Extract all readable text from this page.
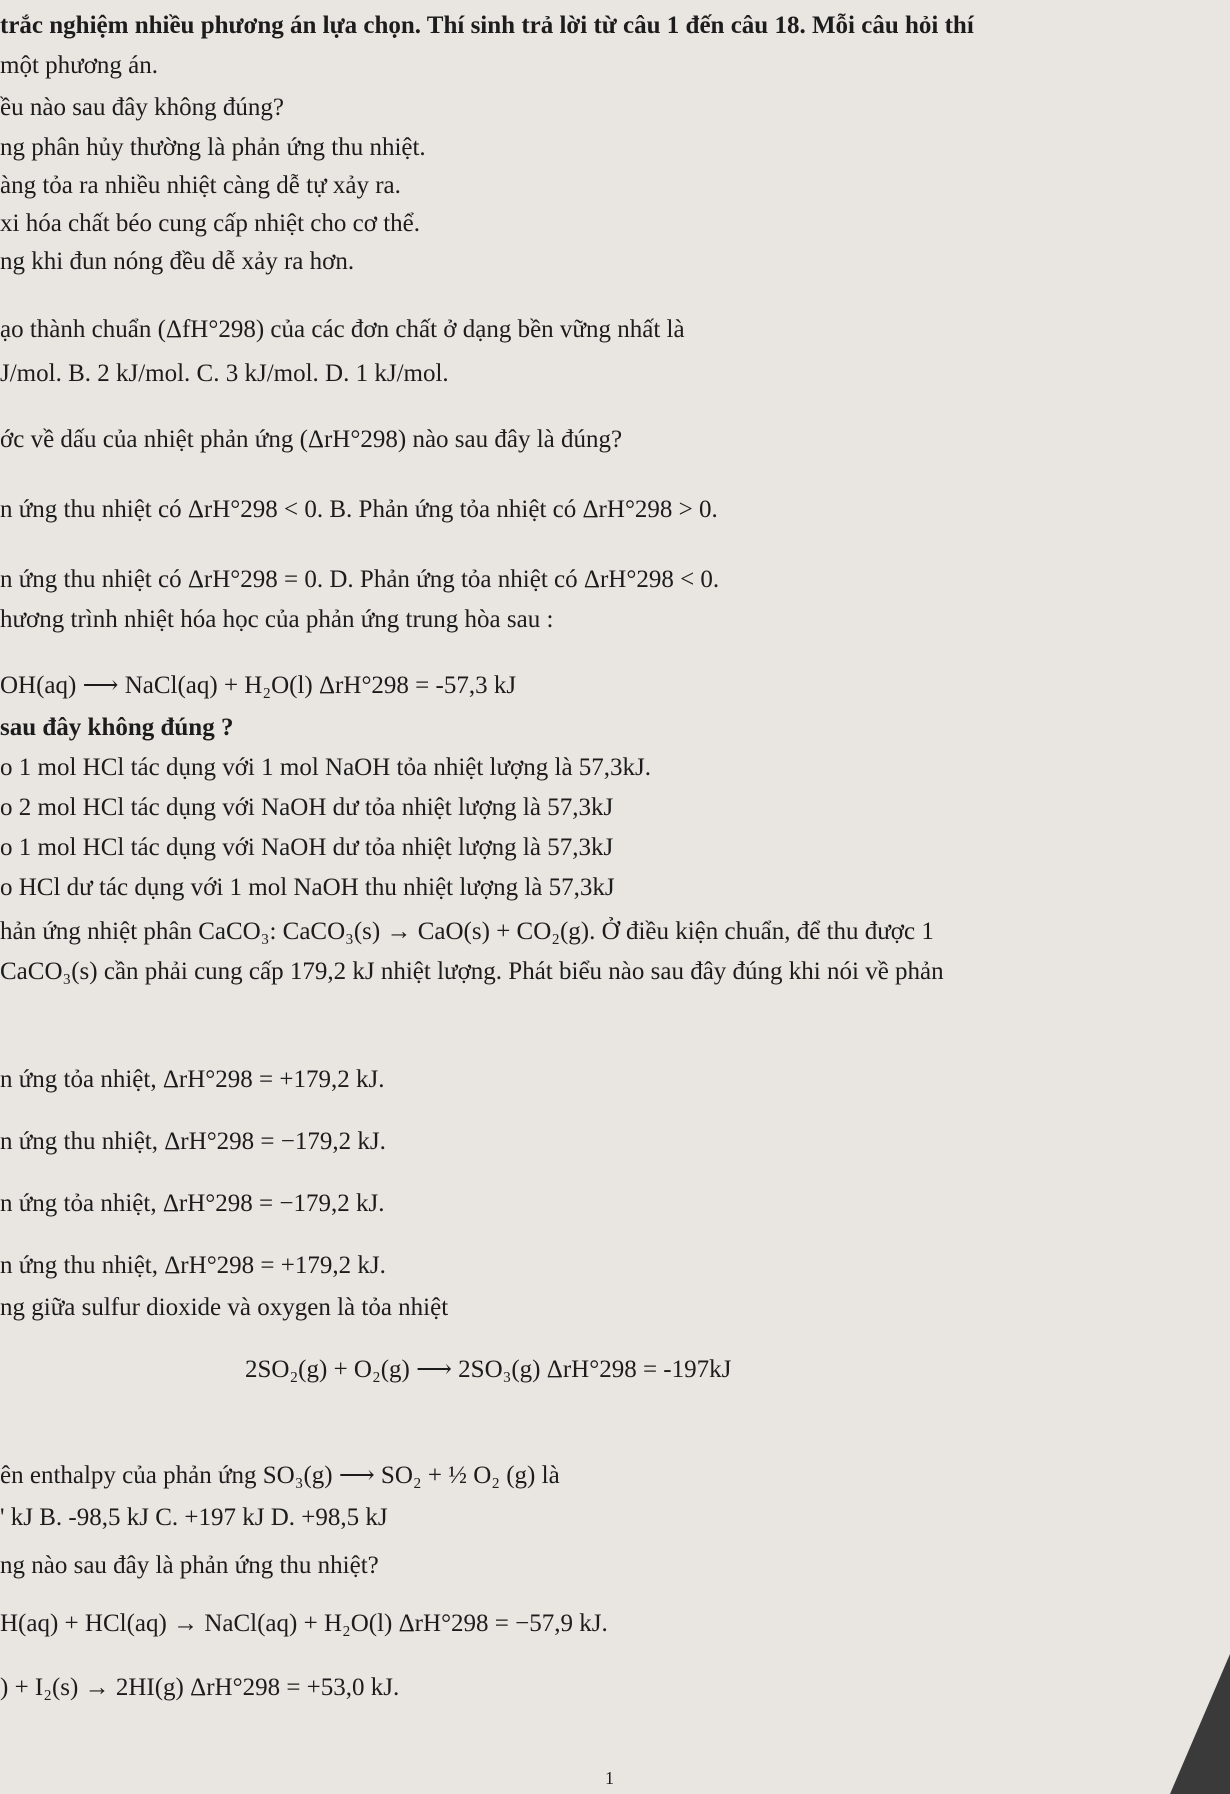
trắc nghiệm nhiều phương án lựa chọn. Thí sinh trả lời từ câu 1 đến câu 18. Mỗi câu hỏi thí
một phương án.
ều nào sau đây không đúng?
ng phân hủy thường là phản ứng thu nhiệt.
àng tỏa ra nhiều nhiệt càng dễ tự xảy ra.
xi hóa chất béo cung cấp nhiệt cho cơ thể.
ng khi đun nóng đều dễ xảy ra hơn.
ạo thành chuẩn (ΔfH°298) của các đơn chất ở dạng bền vững nhất là
J/mol. B. 2 kJ/mol. C. 3 kJ/mol. D. 1 kJ/mol.
ớc về dấu của nhiệt phản ứng (ΔrH°298) nào sau đây là đúng?
n ứng thu nhiệt có ΔrH°298 < 0. B. Phản ứng tỏa nhiệt có ΔrH°298 > 0.
n ứng thu nhiệt có ΔrH°298 = 0. D. Phản ứng tỏa nhiệt có ΔrH°298 < 0.
hương trình nhiệt hóa học của phản ứng trung hòa sau :
OH(aq) ⟶ NaCl(aq) + H₂O(l) ΔrH°298 = -57,3 kJ
sau đây không đúng ?
o 1 mol HCl tác dụng với 1 mol NaOH tỏa nhiệt lượng là 57,3kJ.
o 2 mol HCl tác dụng với NaOH dư tỏa nhiệt lượng là 57,3kJ
o 1 mol HCl tác dụng với NaOH dư tỏa nhiệt lượng là 57,3kJ
o HCl dư tác dụng với 1 mol NaOH thu nhiệt lượng là 57,3kJ
hản ứng nhiệt phân CaCO₃: CaCO₃(s) → CaO(s) + CO₂(g). Ở điều kiện chuẩn, để thu được 1
CaCO₃(s) cần phải cung cấp 179,2 kJ nhiệt lượng. Phát biểu nào sau đây đúng khi nói về phản
n ứng tỏa nhiệt, ΔrH°298 = +179,2 kJ.
n ứng thu nhiệt, ΔrH°298 = −179,2 kJ.
n ứng tỏa nhiệt, ΔrH°298 = −179,2 kJ.
n ứng thu nhiệt, ΔrH°298 = +179,2 kJ.
ng giữa sulfur dioxide và oxygen là tỏa nhiệt
2SO₂(g) + O₂(g) ⟶ 2SO₃(g) ΔrH°298 = -197kJ
ên enthalpy của phản ứng SO₃(g) ⟶ SO₂ + ½ O₂ (g) là
' kJ B. -98,5 kJ C. +197 kJ D. +98,5 kJ
ng nào sau đây là phản ứng thu nhiệt?
H(aq) + HCl(aq) → NaCl(aq) + H₂O(l) ΔrH°298 = −57,9 kJ.
) + I₂(s) → 2HI(g) ΔrH°298 = +53,0 kJ.
1
